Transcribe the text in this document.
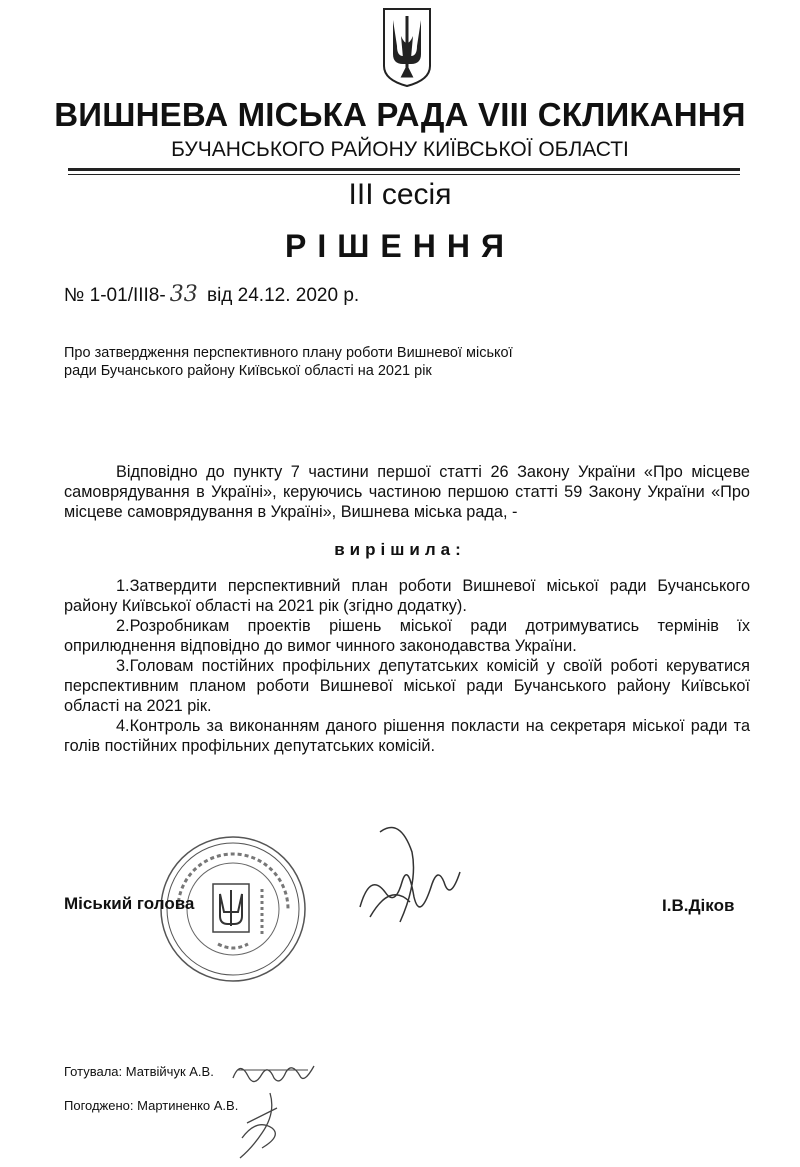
ВИШНЕВА МІСЬКА РАДА VIII СКЛИКАННЯ
БУЧАНСЬКОГО РАЙОНУ КИЇВСЬКОЇ ОБЛАСТІ
ІІІ сесія
РІШЕННЯ
№ 1-01/ІІІ8- 33 від 24.12. 2020 р.
Про затвердження перспективного плану роботи Вишневої міської ради Бучанського району Київської області на 2021 рік

Відповідно до пункту 7 частини першої статті 26 Закону України «Про місцеве самоврядування в Україні», керуючись частиною першою статті 59 Закону України «Про місцеве самоврядування в Україні», Вишнева міська рада, -

вирішила:

1.Затвердити перспективний план роботи Вишневої міської ради Бучанського району Київської області на 2021 рік (згідно додатку).

2.Розробникам проектів рішень міської ради дотримуватись термінів їх оприлюднення відповідно до вимог чинного законодавства України.

3.Головам постійних профільних депутатських комісій у своїй роботі керуватися перспективним планом роботи Вишневої міської ради Бучанського району Київської області на 2021 рік.

4.Контроль за виконанням даного рішення покласти на секретаря міської ради та голів постійних профільних депутатських комісій.

Міський голова	І.В.Діков
Готувала: Матвійчук А.В.
Погоджено: Мартиненко А.В.
